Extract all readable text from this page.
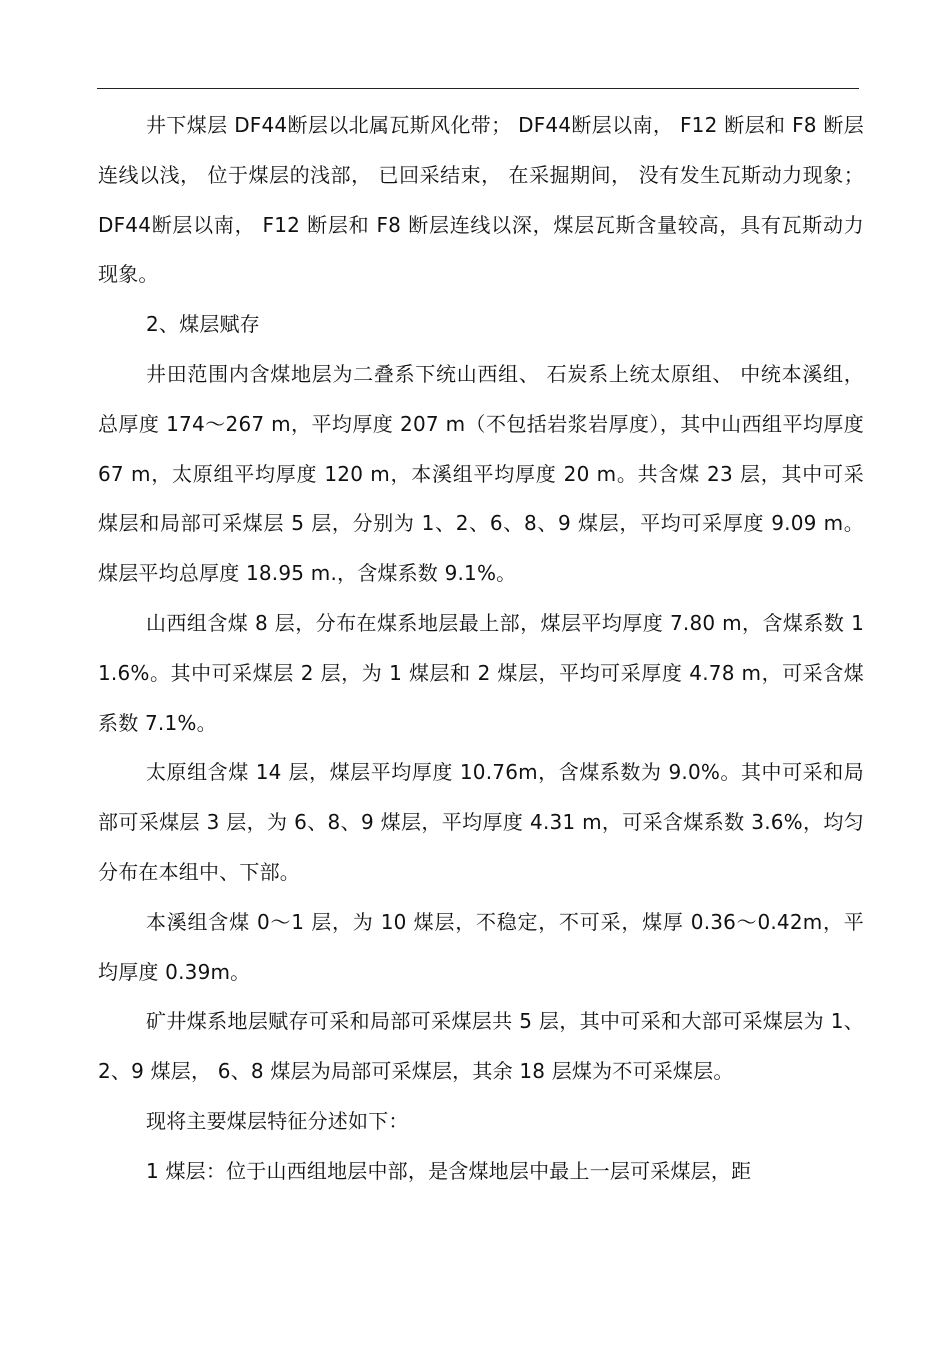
井下煤层 DF44断层以北属瓦斯风化带； DF44断层以南， F12 断层和 F8 断层连线以浅， 位于煤层的浅部， 已回采结束， 在采掘期间， 没有发生瓦斯动力现象； DF44断层以南， F12 断层和 F8 断层连线以深，煤层瓦斯含量较高，具有瓦斯动力现象。

2、煤层赋存

井田范围内含煤地层为二叠系下统山西组、 石炭系上统太原组、 中统本溪组，总厚度 174～267 m，平均厚度 207 m（不包括岩浆岩厚度），其中山西组平均厚度 67 m，太原组平均厚度 120 m，本溪组平均厚度 20 m。共含煤 23 层，其中可采煤层和局部可采煤层 5 层，分别为 1、2、6、8、9 煤层，平均可采厚度 9.09 m。煤层平均总厚度 18.95 m.，含煤系数 9.1%。

山西组含煤 8 层，分布在煤系地层最上部，煤层平均厚度 7.80 m，含煤系数 11.6%。其中可采煤层 2 层，为 1 煤层和 2 煤层，平均可采厚度 4.78 m，可采含煤系数 7.1%。

太原组含煤 14 层，煤层平均厚度 10.76m，含煤系数为 9.0%。其中可采和局部可采煤层 3 层，为 6、8、9 煤层，平均厚度 4.31 m，可采含煤系数 3.6%，均匀分布在本组中、下部。

本溪组含煤 0～1 层，为 10 煤层，不稳定，不可采，煤厚 0.36～0.42m，平均厚度 0.39m。

矿井煤系地层赋存可采和局部可采煤层共 5 层，其中可采和大部可采煤层为 1、2、9 煤层， 6、8 煤层为局部可采煤层，其余 18 层煤为不可采煤层。

现将主要煤层特征分述如下：

1 煤层：位于山西组地层中部，是含煤地层中最上一层可采煤层，距
